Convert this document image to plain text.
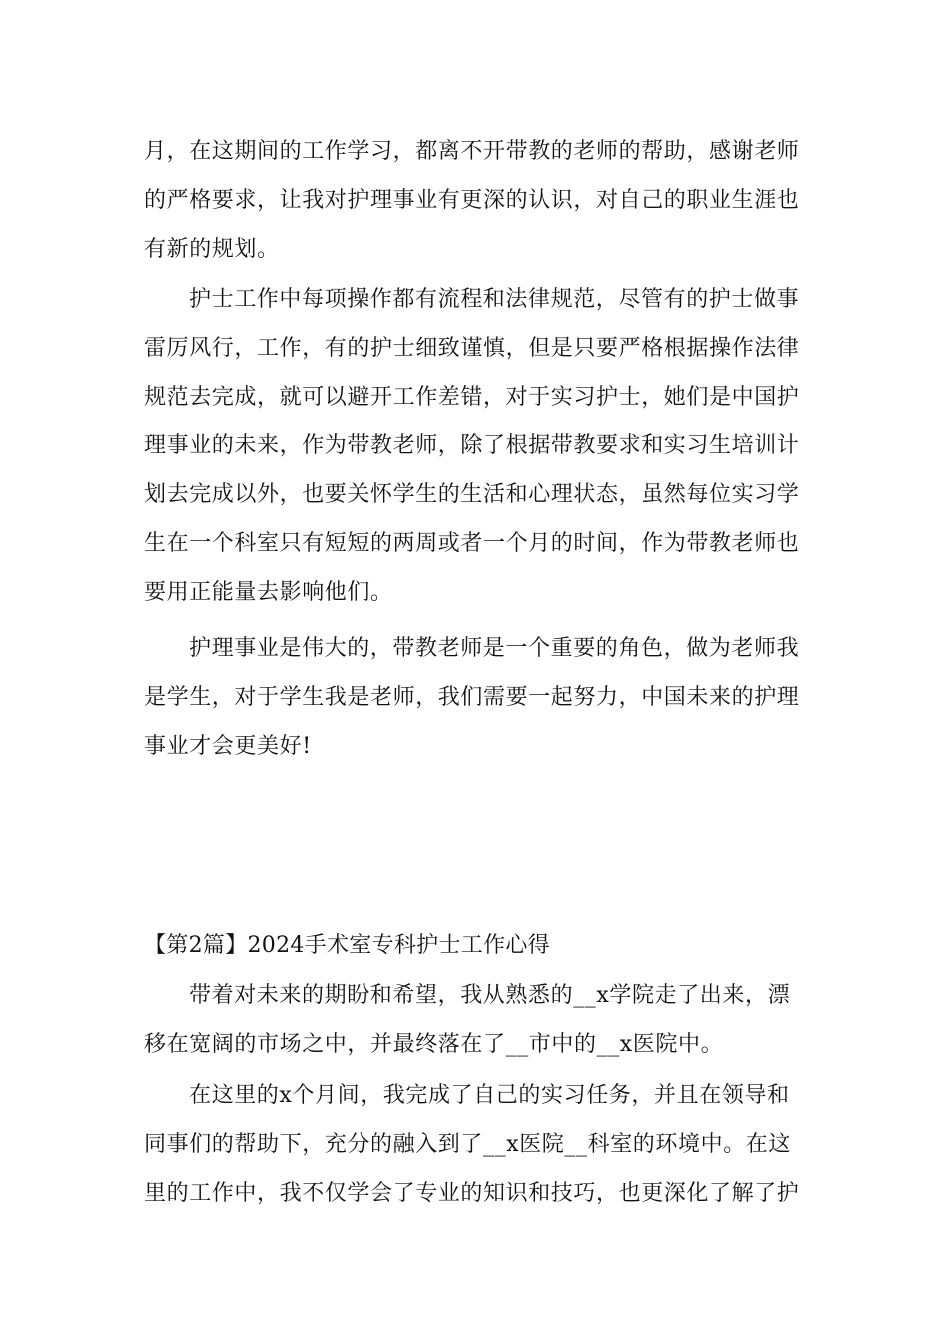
月，在这期间的工作学习，都离不开带教的老师的帮助，感谢老师
的严格要求，让我对护理事业有更深的认识，对自己的职业生涯也
有新的规划。
护士工作中每项操作都有流程和法律规范，尽管有的护士做事
雷厉风行，工作，有的护士细致谨慎，但是只要严格根据操作法律
规范去完成，就可以避开工作差错，对于实习护士，她们是中国护
理事业的未来，作为带教老师，除了根据带教要求和实习生培训计
划去完成以外，也要关怀学生的生活和心理状态，虽然每位实习学
生在一个科室只有短短的两周或者一个月的时间，作为带教老师也
要用正能量去影响他们。
护理事业是伟大的，带教老师是一个重要的角色，做为老师我
是学生，对于学生我是老师，我们需要一起努力，中国未来的护理
事业才会更美好!
【第2篇】2024手术室专科护士工作心得
带着对未来的期盼和希望，我从熟悉的__x学院走了出来，漂
移在宽阔的市场之中，并最终落在了__市中的__x医院中。
在这里的x个月间，我完成了自己的实习任务，并且在领导和
同事们的帮助下，充分的融入到了__x医院__科室的环境中。在这
里的工作中，我不仅学会了专业的知识和技巧，也更深化了解了护
